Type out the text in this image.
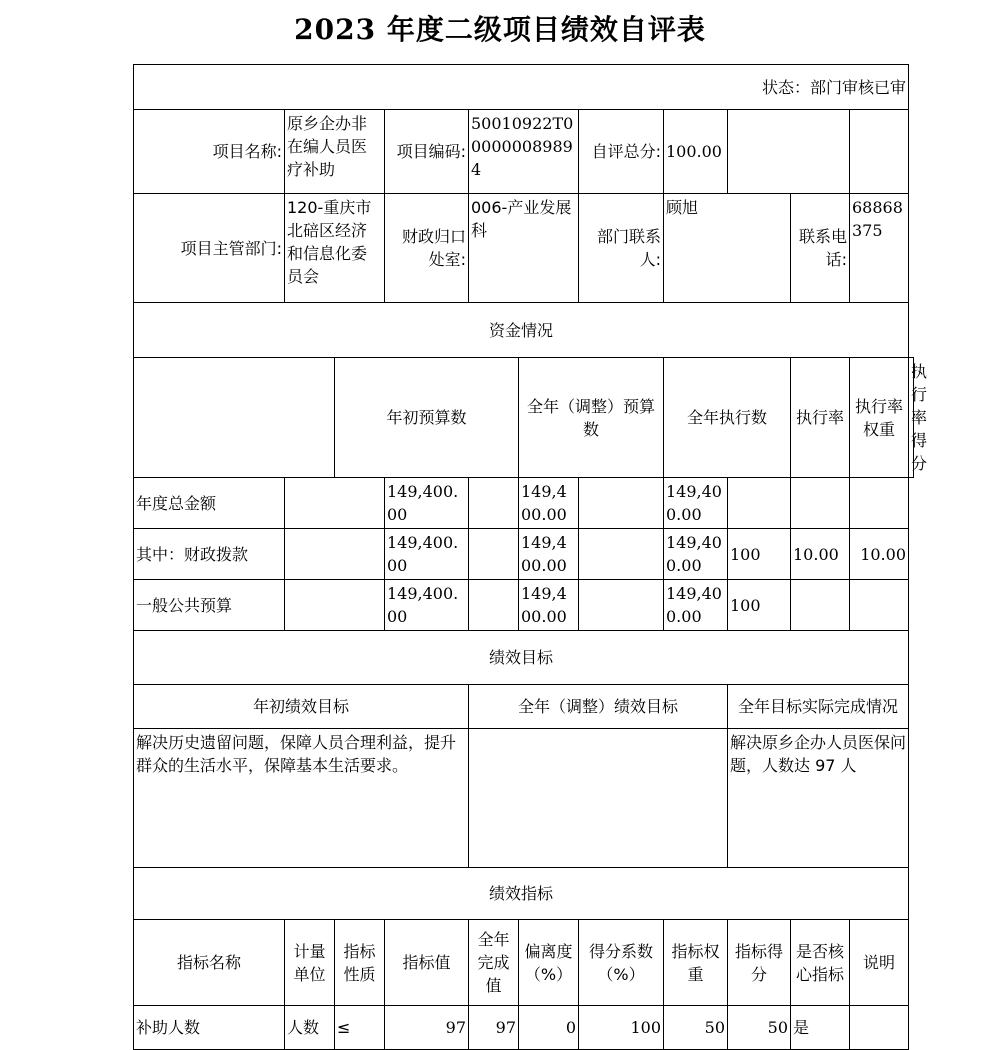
2023 年度二级项目绩效自评表
状态：部门审核已审											
项目名称:	原乡企办非在编人员医疗补助		项目编码:	500109​22T000000089894		自评总分:	100.00				
项目主管部门:	120-重庆市北碚区经济和信息化委员会		财政归口处室:	006-产业发展科		部门联系人:	顾旭		联系电话:	68868375	
资金情况											
		年初预算数			全年（调整）预算数		全年执行数		执行率	执行率权重	执行率得分
年度总金额			149,400.00		149,400.00		149,400.00				
其中：财政拨款			149,400.00		149,400.00		149,400.00	100	10.00	10.00	
一般公共预算			149,400.00		149,400.00		149,400.00	100			
绩效目标											
年初绩效目标				全年（调整）绩效目标				全年目标实际完成情况			
解决历史遗留问题，保障人员合理利益，提升群众的生活水平，保障基本生活要求。								解决原乡企办人员医保问题，人数达 97 人			
绩效指标											
指标名称	计量单位	指标性质	指标值	全年完成值	偏离度（%）	得分系数（%）	指标权重	指标得分	是否核心指标	说明	
补助人数	人数	≤	97	97	0	100	50	50	是		
